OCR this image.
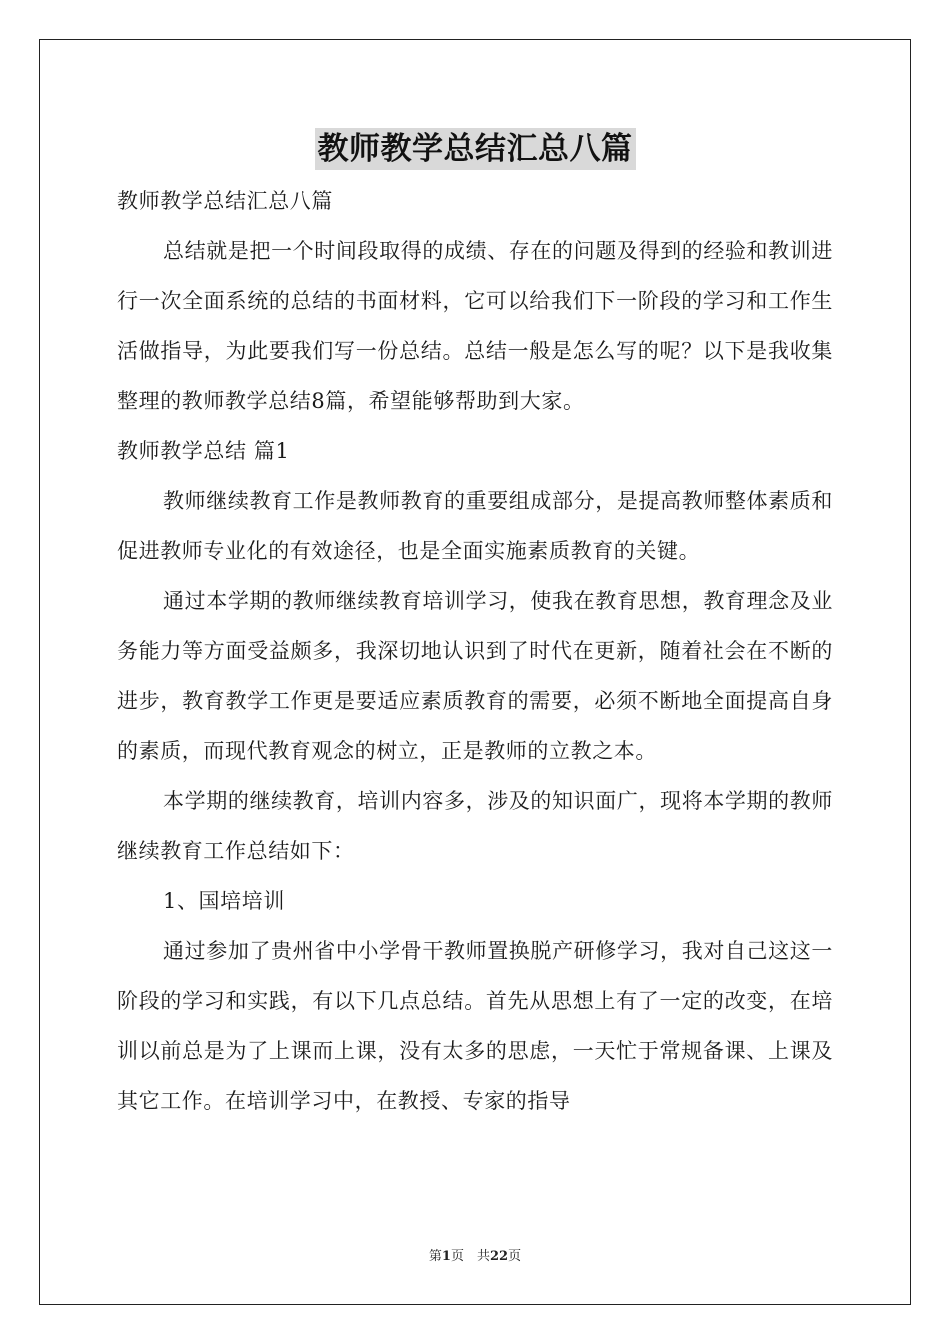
教师教学总结汇总八篇

教师教学总结汇总八篇

总结就是把一个时间段取得的成绩、存在的问题及得到的经验和教训进行一次全面系统的总结的书面材料，它可以给我们下一阶段的学习和工作生活做指导，为此要我们写一份总结。总结一般是怎么写的呢？以下是我收集整理的教师教学总结8篇，希望能够帮助到大家。

教师教学总结 篇1

教师继续教育工作是教师教育的重要组成部分，是提高教师整体素质和促进教师专业化的有效途径，也是全面实施素质教育的关键。

通过本学期的教师继续教育培训学习，使我在教育思想，教育理念及业务能力等方面受益颇多，我深切地认识到了时代在更新，随着社会在不断的进步，教育教学工作更是要适应素质教育的需要，必须不断地全面提高自身的素质，而现代教育观念的树立，正是教师的立教之本。

本学期的继续教育，培训内容多，涉及的知识面广，现将本学期的教师继续教育工作总结如下：

1、国培培训

通过参加了贵州省中小学骨干教师置换脱产研修学习，我对自己这这一阶段的学习和实践，有以下几点总结。首先从思想上有了一定的改变，在培训以前总是为了上课而上课，没有太多的思虑，一天忙于常规备课、上课及其它工作。在培训学习中，在教授、专家的指导

第1页　共22页
